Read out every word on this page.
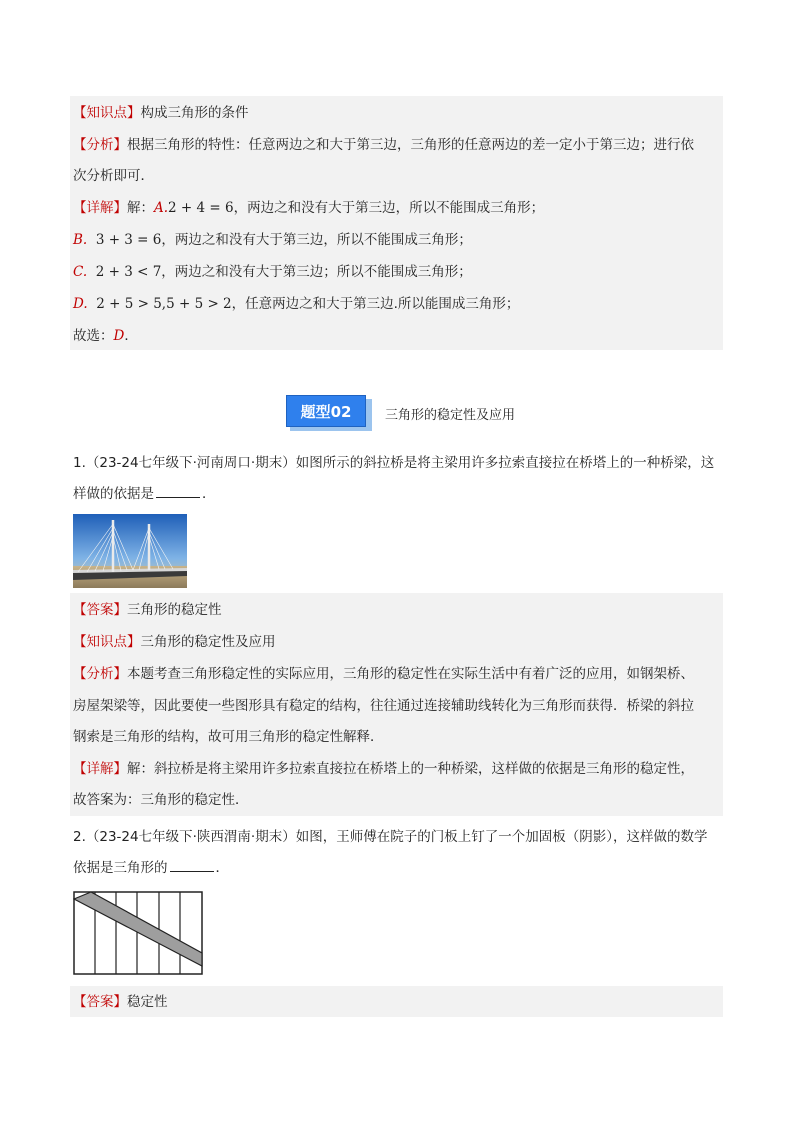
【知识点】构成三角形的条件
【分析】根据三角形的特性：任意两边之和大于第三边，三角形的任意两边的差一定小于第三边；进行依
次分析即可．
【详解】解：A.2 + 4 = 6，两边之和没有大于第三边，所以不能围成三角形；
B. 3 + 3 = 6，两边之和没有大于第三边，所以不能围成三角形；
C. 2 + 3 < 7，两边之和没有大于第三边；所以不能围成三角形；
D. 2 + 5 > 5,5 + 5 > 2，任意两边之和大于第三边.所以能围成三角形；
故选：D．
题型02	三角形的稳定性及应用
1.（23-24七年级下·河南周口·期末）如图所示的斜拉桥是将主梁用许多拉索直接拉在桥塔上的一种桥梁，这
样做的依据是	．
【答案】三角形的稳定性
【知识点】三角形的稳定性及应用
【分析】本题考查三角形稳定性的实际应用，三角形的稳定性在实际生活中有着广泛的应用，如钢架桥、
房屋架梁等，因此要使一些图形具有稳定的结构，往往通过连接辅助线转化为三角形而获得．桥梁的斜拉
钢索是三角形的结构，故可用三角形的稳定性解释．
【详解】解：斜拉桥是将主梁用许多拉索直接拉在桥塔上的一种桥梁，这样做的依据是三角形的稳定性，
故答案为：三角形的稳定性．
2.（23-24七年级下·陕西渭南·期末）如图，王师傅在院子的门板上钉了一个加固板（阴影），这样做的数学
依据是三角形的	．
【答案】稳定性
